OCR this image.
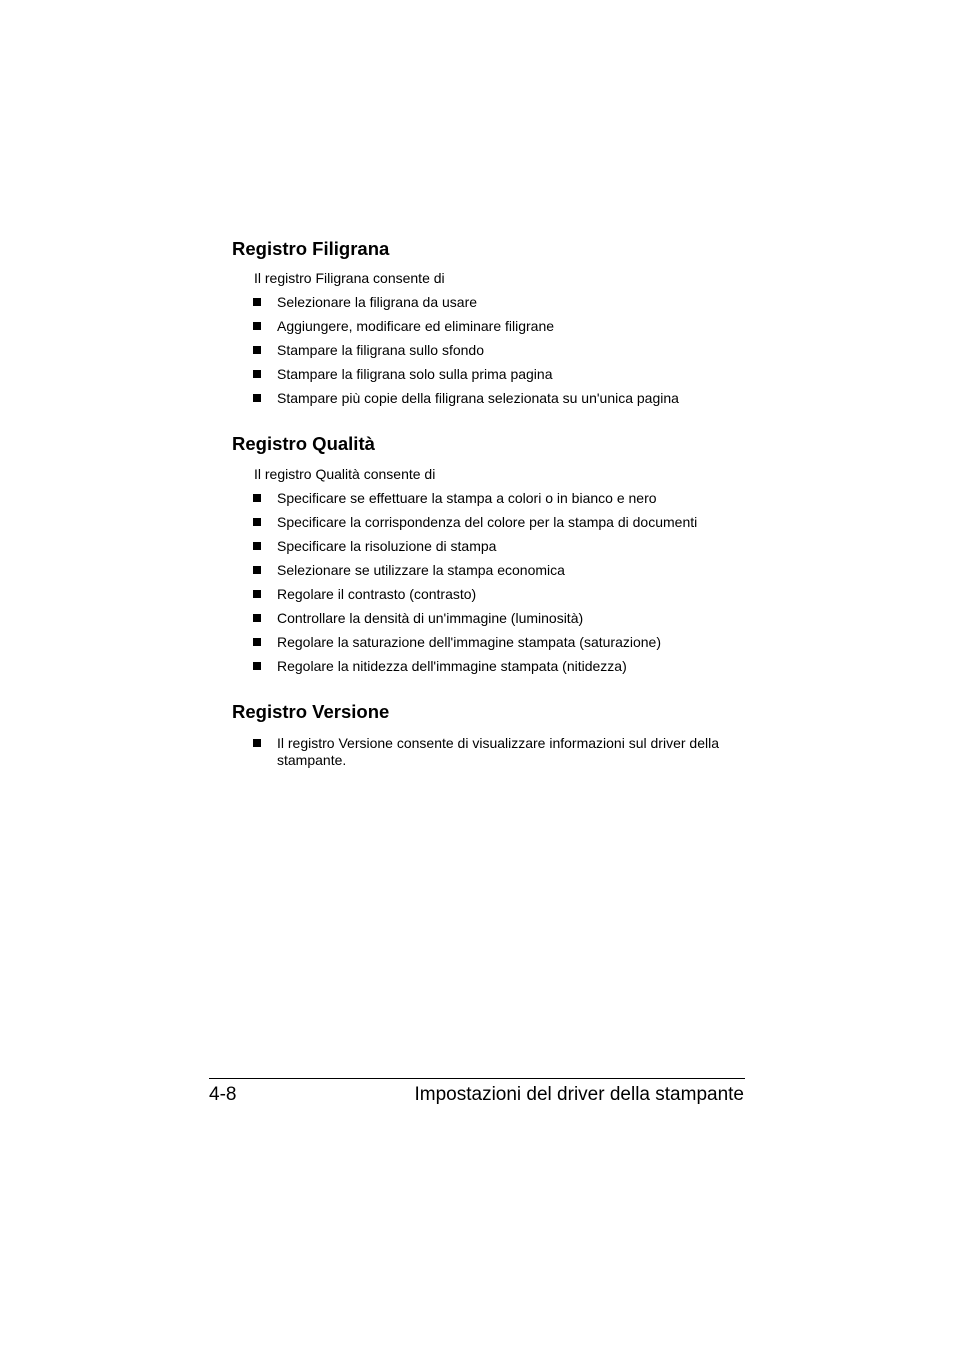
Registro Filigrana

Il registro Filigrana consente di

Selezionare la filigrana da usare
Aggiungere, modificare ed eliminare filigrane
Stampare la filigrana sullo sfondo
Stampare la filigrana solo sulla prima pagina
Stampare più copie della filigrana selezionata su un'unica pagina
Registro Qualità

Il registro Qualità consente di

Specificare se effettuare la stampa a colori o in bianco e nero
Specificare la corrispondenza del colore per la stampa di documenti
Specificare la risoluzione di stampa
Selezionare se utilizzare la stampa economica
Regolare il contrasto (contrasto)
Controllare la densità di un'immagine (luminosità)
Regolare la saturazione dell'immagine stampata (saturazione)
Regolare la nitidezza dell'immagine stampata (nitidezza)
Registro Versione
Il registro Versione consente di visualizzare informazioni sul driver della stampante.
4-8	Impostazioni del driver della stampante
